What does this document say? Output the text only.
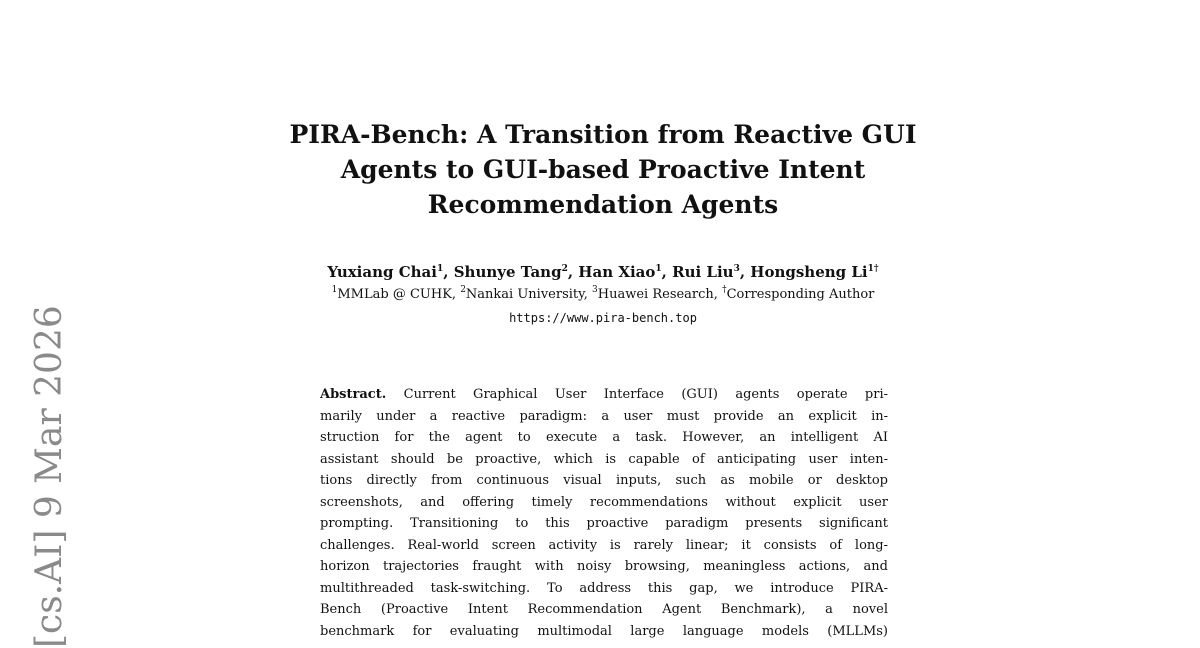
[cs.AI] 9 Mar 2026
PIRA-Bench: A Transition from Reactive GUI
Agents to GUI-based Proactive Intent
Recommendation Agents
Yuxiang Chai$^1$, Shunye Tang$^2$, Han Xiao$^1$, Rui Liu$^3$, Hongsheng $Li^{1\dagger}$
$^1$MMLab @ CUHK, $^2$Nankai University, $^3$Huawei Research, †Corresponding Author
https://www.pira-bench.top
Abstract. Current Graphical User Interface (GUI) agents operate pri-
marily under a reactive paradigm: a user must provide an explicit in-
struction for the agent to execute a task. However, an intelligent AI
assistant should be proactive, which is capable of anticipating user inten-
tions directly from continuous visual inputs, such as mobile or desktop
screenshots, and offering timely recommendations without explicit user
prompting. Transitioning to this proactive paradigm presents significant
challenges. Real-world screen activity is rarely linear; it consists of long-
horizon trajectories fraught with noisy browsing, meaningless actions, and
multithreaded task-switching. To address this gap, we introduce PIRA-
Bench (Proactive Intent Recommendation Agent Benchmark), a novel
benchmark for evaluating multimodal large language models (MLLMs)
